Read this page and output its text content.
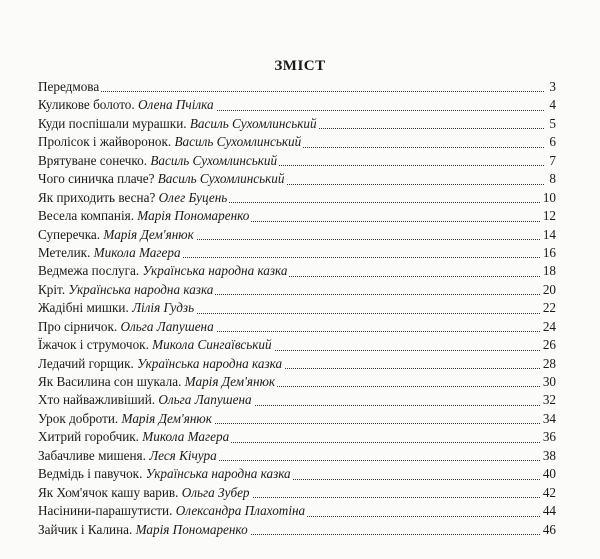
ЗМІСТ
Передмова	3
Куликове болото. Олена Пчілка	4
Куди поспішали мурашки. Василь Сухомлинський	5
Пролісок і жайворонок. Василь Сухомлинський	6
Врятуване сонечко. Василь Сухомлинський	7
Чого синичка плаче? Василь Сухомлинський	8
Як приходить весна? Олег Буцень	10
Весела компанія. Марія Пономаренко	12
Суперечка. Марія Дем'янюк	14
Метелик. Микола Магера	16
Ведмежа послуга. Українська народна казка	18
Кріт. Українська народна казка	20
Жадібні мишки. Лілія Гудзь	22
Про сірничок. Ольга Лапушена	24
Їжачок і струмочок. Микола Сингаївський	26
Ледачий горщик. Українська народна казка	28
Як Василина сон шукала. Марія Дем'янюк	30
Хто найважливіший. Ольга Лапушена	32
Урок доброти. Марія Дем'янюк	34
Хитрий горобчик. Микола Магера	36
Забачливе мишеня. Леся Кічура	38
Ведмідь і павучок. Українська народна казка	40
Як Хом'ячок кашу варив. Ольга Зубер	42
Насінини-парашутисти. Олександра Плахотіна	44
Зайчик і Калина. Марія Пономаренко	46
